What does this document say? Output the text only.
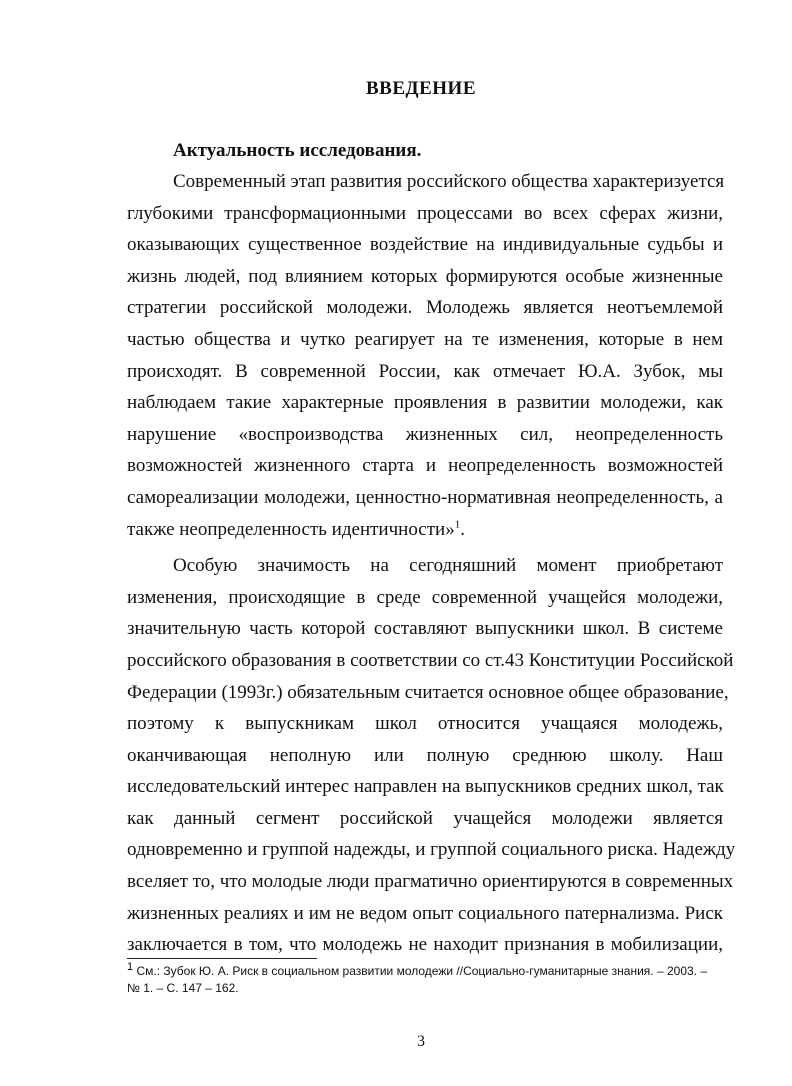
ВВЕДЕНИЕ
Актуальность исследования.
Современный этап развития российского общества характеризуется
глубокими трансформационными процессами во всех сферах жизни,
оказывающих существенное воздействие на индивидуальные судьбы и
жизнь людей, под влиянием которых формируются особые жизненные
стратегии российской молодежи. Молодежь является неотъемлемой
частью общества и чутко реагирует на те изменения, которые в нем
происходят. В современной России, как отмечает Ю.А. Зубок, мы
наблюдаем такие характерные проявления в развитии молодежи, как
нарушение «воспроизводства жизненных сил, неопределенность
возможностей жизненного старта и неопределенность возможностей
самореализации молодежи, ценностно-нормативная неопределенность, а
также неопределенность идентичности»$^1$.
Особую значимость на сегодняшний момент приобретают
изменения, происходящие в среде современной учащейся молодежи,
значительную часть которой составляют выпускники школ. В системе
российского образования в соответствии со ст.43 Конституции Российской
Федерации (1993г.) обязательным считается основное общее образование,
поэтому к выпускникам школ относится учащаяся молодежь,
оканчивающая неполную или полную среднюю школу. Наш
исследовательский интерес направлен на выпускников средних школ, так
как данный сегмент российской учащейся молодежи является
одновременно и группой надежды, и группой социального риска. Надежду
вселяет то, что молодые люди прагматично ориентируются в современных
жизненных реалиях и им не ведом опыт социального патернализма. Риск
заключается в том, что молодежь не находит признания в мобилизации,
$^1$ См.: Зубок Ю. А. Риск в социальном развитии молодежи //Социально-гуманитарные знания. – 2003. –
№ 1. – С. 147 – 162.
3
